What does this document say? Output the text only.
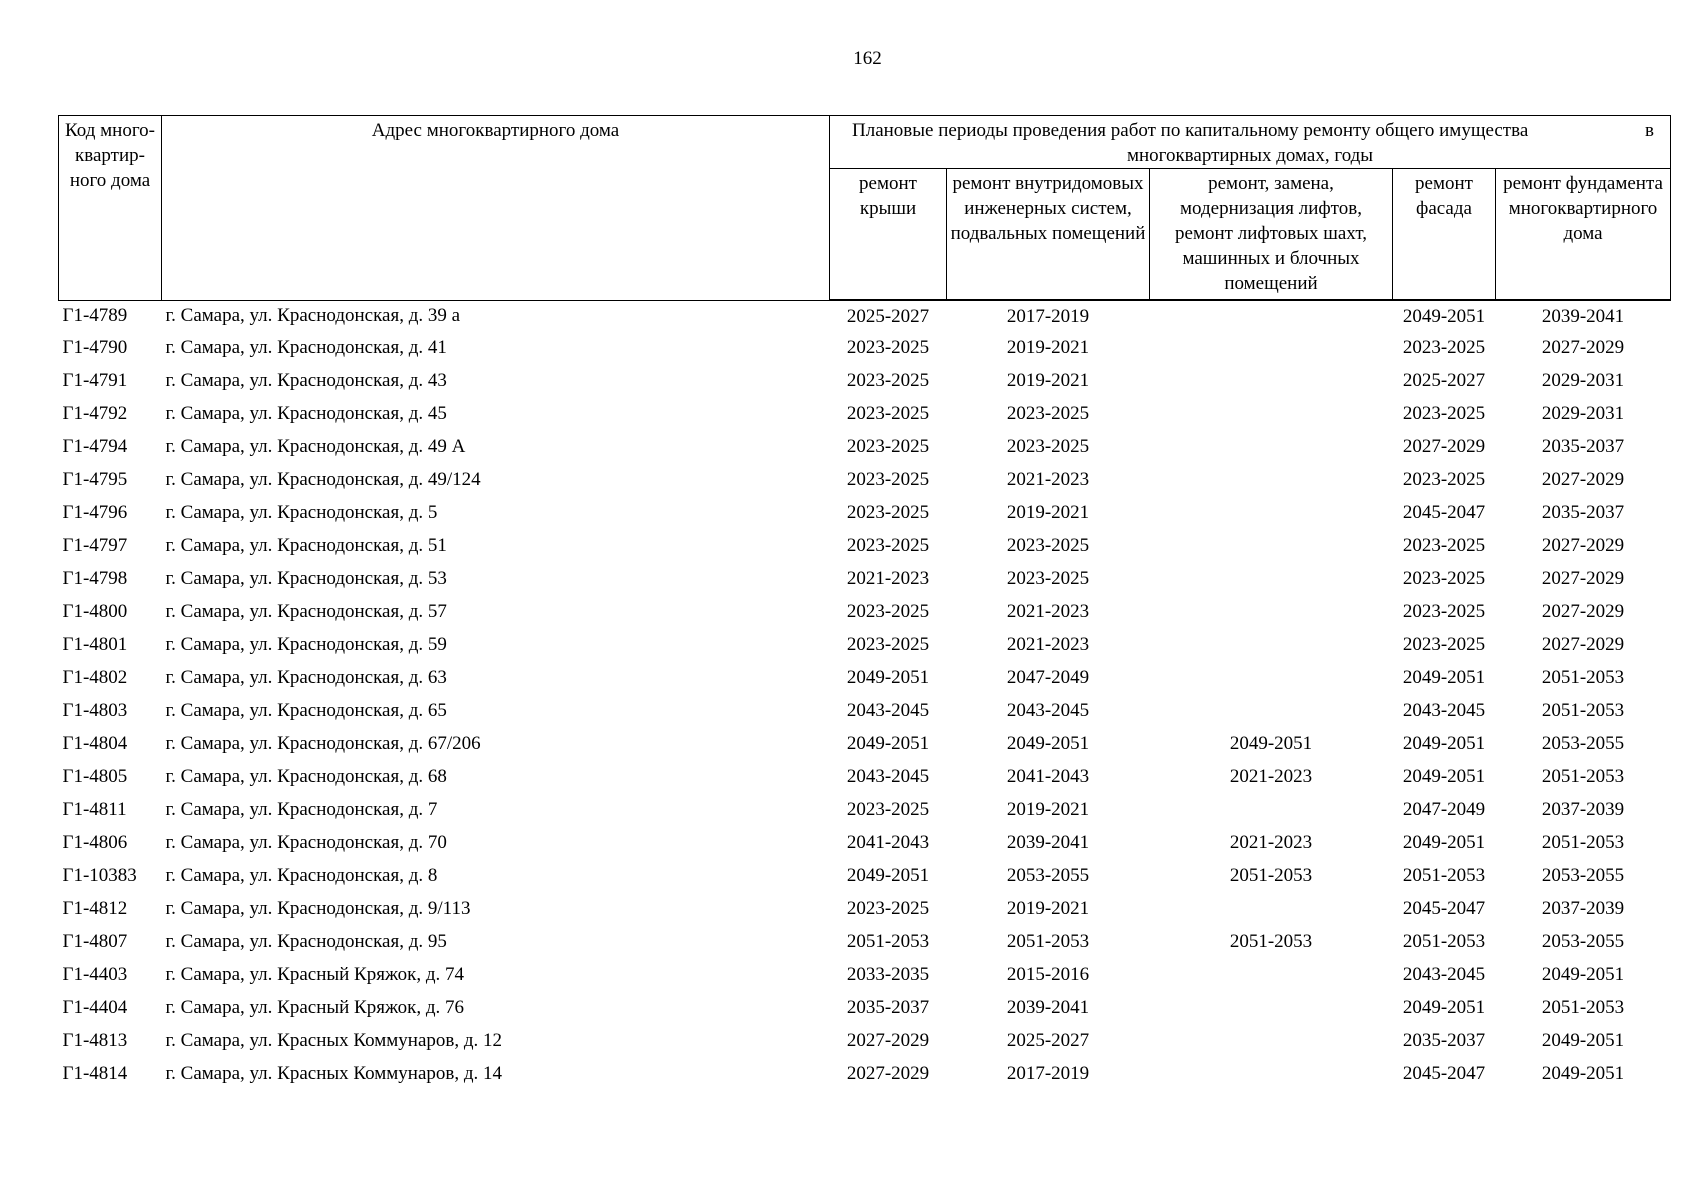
162
Код много-квартир-ного дома	Адрес многоквартирного дома	Плановые периоды проведения работ по капитальному ремонту общего имущества в
многоквартирных домах, годы				

		ремонт крыши	ремонт внутридомовых инженерных систем, подвальных помещений	ремонт, замена, модернизация лифтов, ремонт лифтовых шахт, машинных и блочных помещений	ремонт фасада	ремонт фундамента многоквартирного дома
Г1-4789	г. Самара, ул. Краснодонская, д. 39 а	2025-2027	2017-2019		2049-2051	2039-2041
Г1-4790	г. Самара, ул. Краснодонская, д. 41	2023-2025	2019-2021		2023-2025	2027-2029
Г1-4791	г. Самара, ул. Краснодонская, д. 43	2023-2025	2019-2021		2025-2027	2029-2031
Г1-4792	г. Самара, ул. Краснодонская, д. 45	2023-2025	2023-2025		2023-2025	2029-2031
Г1-4794	г. Самара, ул. Краснодонская, д. 49 А	2023-2025	2023-2025		2027-2029	2035-2037
Г1-4795	г. Самара, ул. Краснодонская, д. 49/124	2023-2025	2021-2023		2023-2025	2027-2029
Г1-4796	г. Самара, ул. Краснодонская, д. 5	2023-2025	2019-2021		2045-2047	2035-2037
Г1-4797	г. Самара, ул. Краснодонская, д. 51	2023-2025	2023-2025		2023-2025	2027-2029
Г1-4798	г. Самара, ул. Краснодонская, д. 53	2021-2023	2023-2025		2023-2025	2027-2029
Г1-4800	г. Самара, ул. Краснодонская, д. 57	2023-2025	2021-2023		2023-2025	2027-2029
Г1-4801	г. Самара, ул. Краснодонская, д. 59	2023-2025	2021-2023		2023-2025	2027-2029
Г1-4802	г. Самара, ул. Краснодонская, д. 63	2049-2051	2047-2049		2049-2051	2051-2053
Г1-4803	г. Самара, ул. Краснодонская, д. 65	2043-2045	2043-2045		2043-2045	2051-2053
Г1-4804	г. Самара, ул. Краснодонская, д. 67/206	2049-2051	2049-2051	2049-2051	2049-2051	2053-2055
Г1-4805	г. Самара, ул. Краснодонская, д. 68	2043-2045	2041-2043	2021-2023	2049-2051	2051-2053
Г1-4811	г. Самара, ул. Краснодонская, д. 7	2023-2025	2019-2021		2047-2049	2037-2039
Г1-4806	г. Самара, ул. Краснодонская, д. 70	2041-2043	2039-2041	2021-2023	2049-2051	2051-2053
Г1-10383	г. Самара, ул. Краснодонская, д. 8	2049-2051	2053-2055	2051-2053	2051-2053	2053-2055
Г1-4812	г. Самара, ул. Краснодонская, д. 9/113	2023-2025	2019-2021		2045-2047	2037-2039
Г1-4807	г. Самара, ул. Краснодонская, д. 95	2051-2053	2051-2053	2051-2053	2051-2053	2053-2055
Г1-4403	г. Самара, ул. Красный Кряжок, д. 74	2033-2035	2015-2016		2043-2045	2049-2051
Г1-4404	г. Самара, ул. Красный Кряжок, д. 76	2035-2037	2039-2041		2049-2051	2051-2053
Г1-4813	г. Самара, ул. Красных Коммунаров, д. 12	2027-2029	2025-2027		2035-2037	2049-2051
Г1-4814	г. Самара, ул. Красных Коммунаров, д. 14	2027-2029	2017-2019		2045-2047	2049-2051
